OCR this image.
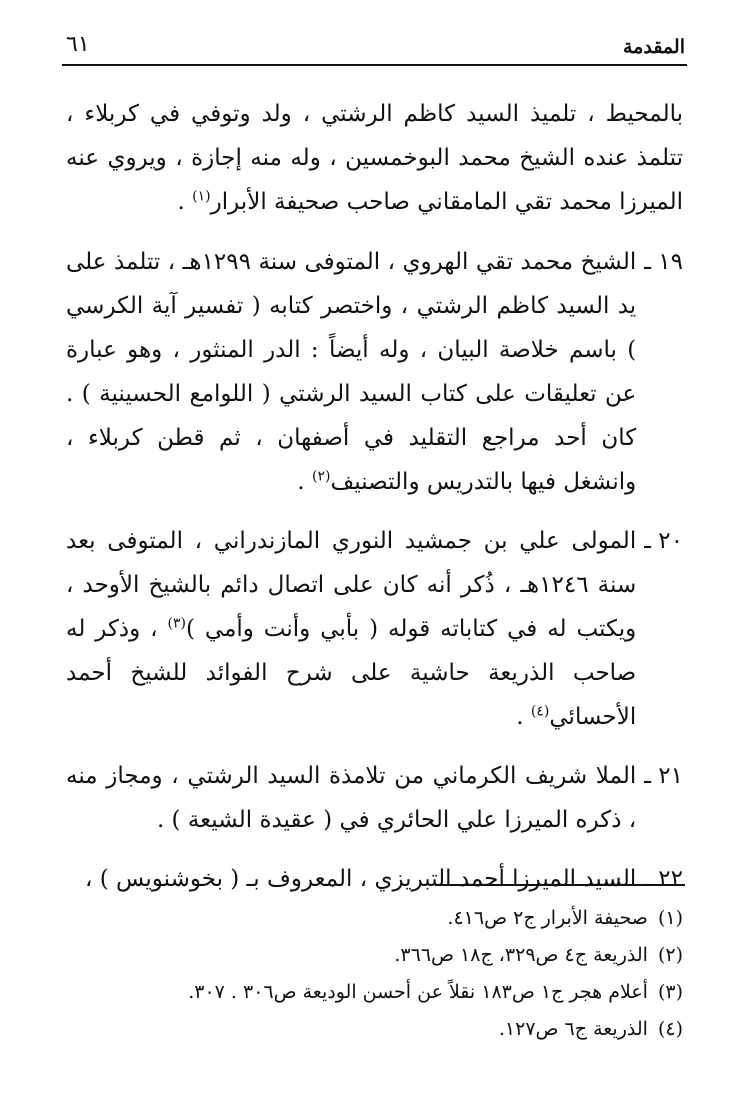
المقدمة
٦١

بالمحيط ، تلميذ السيد كاظم الرشتي ، ولد وتوفي في كربلاء ، تتلمذ عنده الشيخ محمد البوخمسين ، وله منه إجازة ، ويروي عنه الميرزا محمد تقي المامقاني صاحب صحيفة الأبرار$^{(١)}$ .

١٩ ـ
الشيخ محمد تقي الهروي ، المتوفى سنة ١٢٩٩هـ ، تتلمذ على يد السيد كاظم الرشتي ، واختصر كتابه ( تفسير آية الكرسي ) باسم خلاصة البيان ، وله أيضاً : الدر المنثور ، وهو عبارة عن تعليقات على كتاب السيد الرشتي ( اللوامع الحسينية ) . كان أحد مراجع التقليد في أصفهان ، ثم قطن كربلاء ، وانشغل فيها بالتدريس والتصنيف$^{(٢)}$ .
٢٠ ـ
المولى علي بن جمشيد النوري المازندراني ، المتوفى بعد سنة ١٢٤٦هـ ، ذُكر أنه كان على اتصال دائم بالشيخ الأوحد ، ويكتب له في كتاباته قوله ( بأبي وأنت وأمي )$^{(٣)}$ ، وذكر له صاحب الذريعة حاشية على شرح الفوائد للشيخ أحمد الأحسائي$^{(٤)}$ .
٢١ ـ
الملا شريف الكرماني من تلامذة السيد الرشتي ، ومجاز منه ، ذكره الميرزا علي الحائري في ( عقيدة الشيعة ) .
٢٢ ـ
السيد الميرزا أحمد التبريزي ، المعروف بـ ( بخوشنويس ) ،
(١)
صحيفة الأبرار ج٢ ص٤١٦.
(٢)
الذريعة ج٤ ص٣٢٩، ج١٨ ص٣٦٦.
(٣)
أعلام هجر ج١ ص١٨٣ نقلاً عن أحسن الوديعة ص٣٠٦ . ٣٠٧.
(٤)
الذريعة ج٦ ص١٢٧.
